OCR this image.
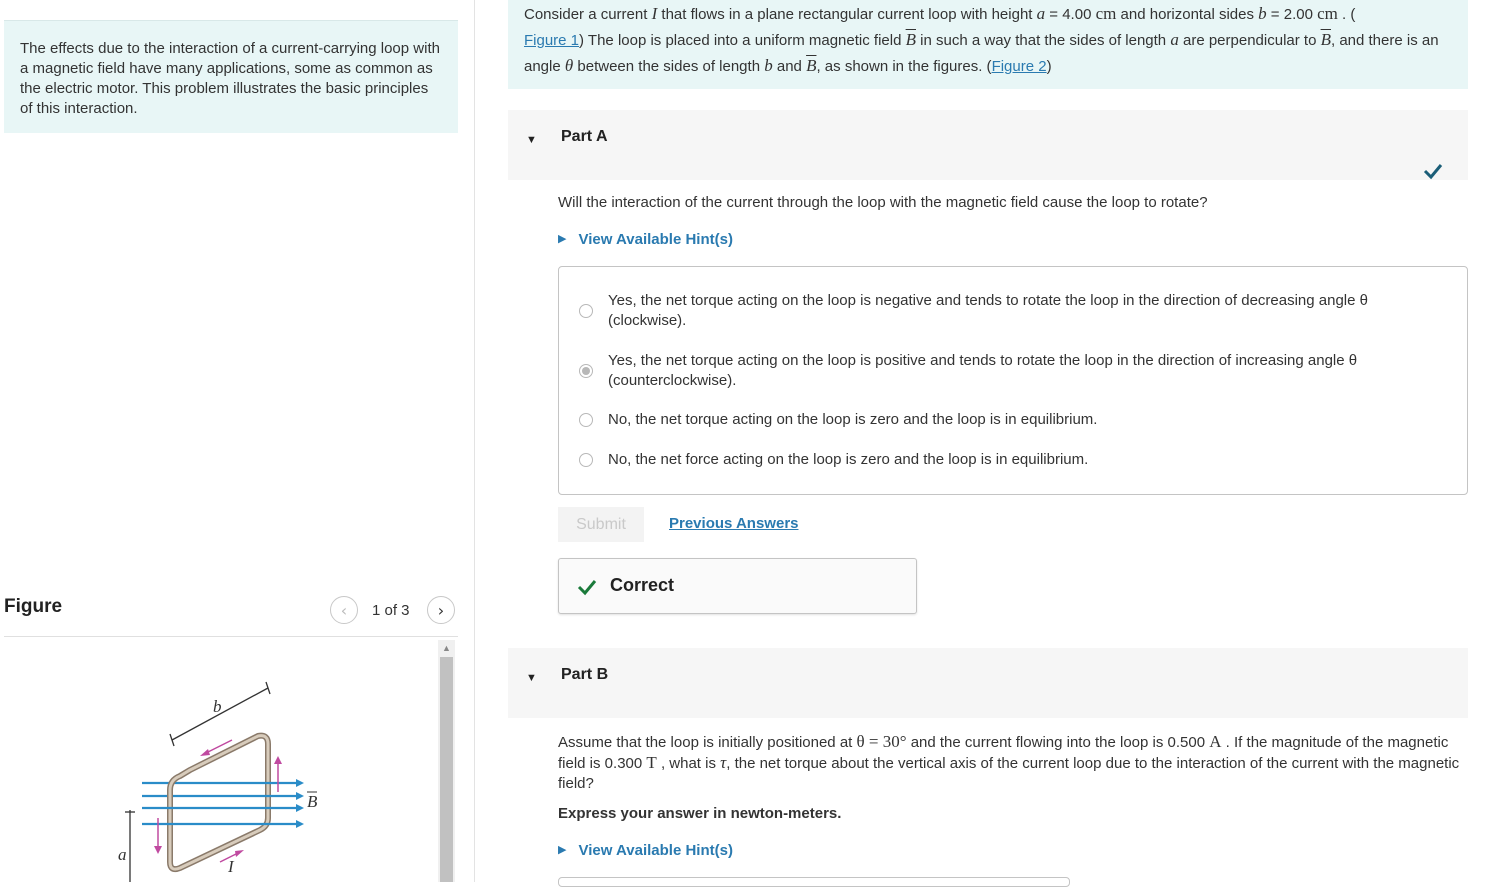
The effects due to the interaction of a current-carrying loop with a magnetic field have many applications, some as common as the electric motor. This problem illustrates the basic principles of this interaction.
Figure	‹ 1 of 3 ›
b
B
I
a
▲
Consider a current I that flows in a plane rectangular current loop with height a = 4.00 cm and horizontal sides b = 2.00 cm . (
Figure 1) The loop is placed into a uniform magnetic field $\overline{B}$ in such a way that the sides of length a are perpendicular to $\overline{B}$, and there is an angle θ between the sides of length b and $\overline{B}$, as shown in the figures. (Figure 2)
▼ Part A
Will the interaction of the current through the loop with the magnetic field cause the loop to rotate?
▶ View Available Hint(s)
Yes, the net torque acting on the loop is negative and tends to rotate the loop in the direction of decreasing angle θ (clockwise).
Yes, the net torque acting on the loop is positive and tends to rotate the loop in the direction of increasing angle θ (counterclockwise).
No, the net torque acting on the loop is zero and the loop is in equilibrium.
No, the net force acting on the loop is zero and the loop is in equilibrium.
Submit	Previous Answers
Correct
▼ Part B
Assume that the loop is initially positioned at θ = 30° and the current flowing into the loop is 0.500 A . If the magnitude of the magnetic field is 0.300 T , what is τ, the net torque about the vertical axis of the current loop due to the interaction of the current with the magnetic field?
Express your answer in newton-meters.
▶ View Available Hint(s)
